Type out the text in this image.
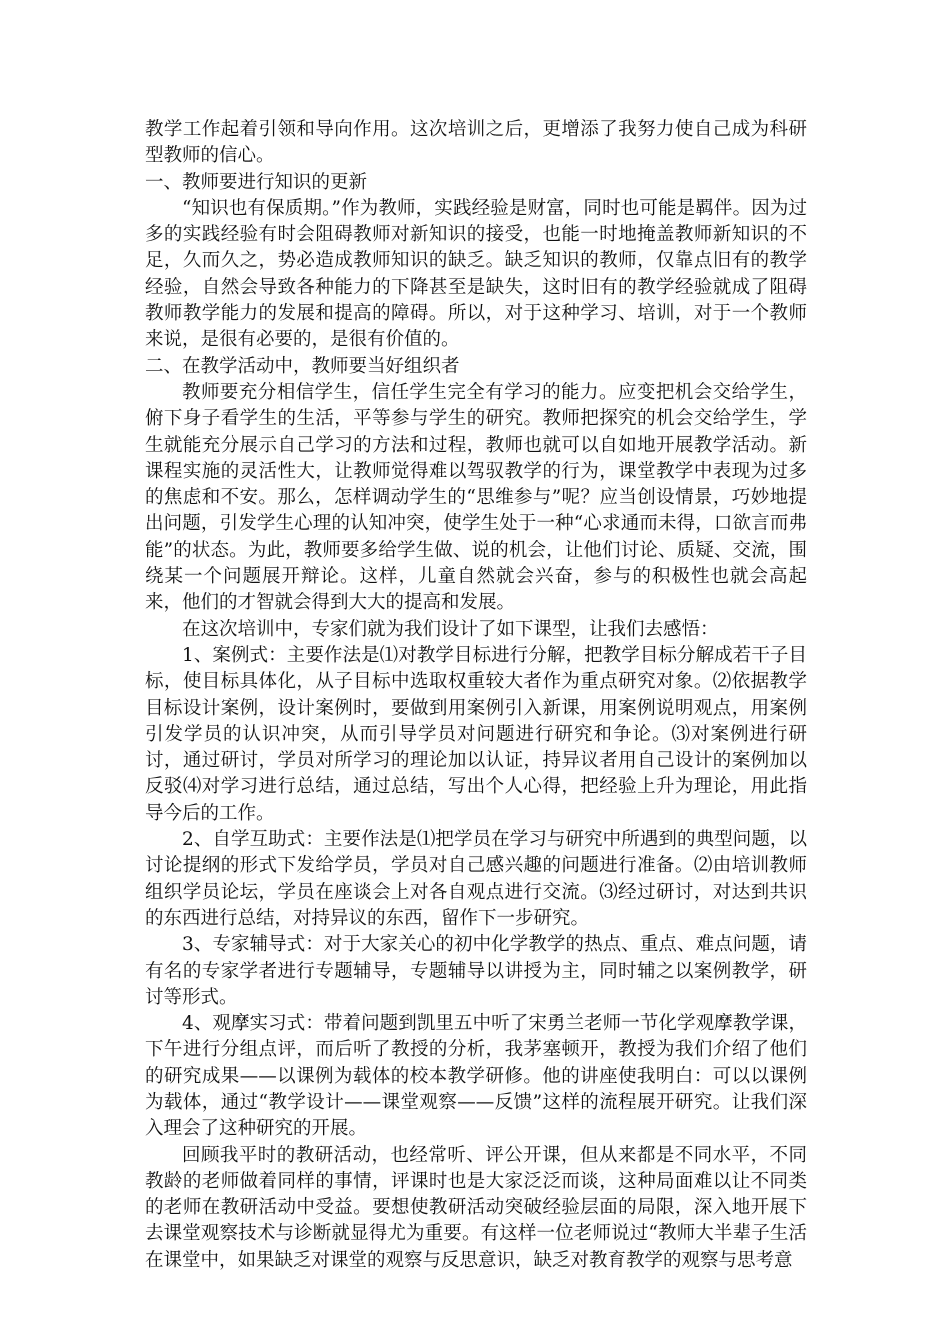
教学工作起着引领和导向作用。这次培训之后，更增添了我努力使自己成为科研型教师的信心。

一、教师要进行知识的更新

“知识也有保质期。”作为教师，实践经验是财富，同时也可能是羁伴。因为过多的实践经验有时会阻碍教师对新知识的接受，也能一时地掩盖教师新知识的不足，久而久之，势必造成教师知识的缺乏。缺乏知识的教师，仅靠点旧有的教学经验，自然会导致各种能力的下降甚至是缺失，这时旧有的教学经验就成了阻碍教师教学能力的发展和提高的障碍。所以，对于这种学习、培训，对于一个教师来说，是很有必要的，是很有价值的。

二、在教学活动中，教师要当好组织者

教师要充分相信学生，信任学生完全有学习的能力。应变把机会交给学生，俯下身子看学生的生活，平等参与学生的研究。教师把探究的机会交给学生，学生就能充分展示自己学习的方法和过程，教师也就可以自如地开展教学活动。新课程实施的灵活性大，让教师觉得难以驾驭教学的行为，课堂教学中表现为过多的焦虑和不安。那么，怎样调动学生的“思维参与”呢？应当创设情景，巧妙地提出问题，引发学生心理的认知冲突，使学生处于一种“心求通而未得，口欲言而弗能”的状态。为此，教师要多给学生做、说的机会，让他们讨论、质疑、交流，围绕某一个问题展开辩论。这样，儿童自然就会兴奋，参与的积极性也就会高起来，他们的才智就会得到大大的提高和发展。

在这次培训中，专家们就为我们设计了如下课型，让我们去感悟：

1、案例式：主要作法是⑴对教学目标进行分解，把教学目标分解成若干子目标，使目标具体化，从子目标中选取权重较大者作为重点研究对象。⑵依据教学目标设计案例，设计案例时，要做到用案例引入新课，用案例说明观点，用案例引发学员的认识冲突，从而引导学员对问题进行研究和争论。⑶对案例进行研讨，通过研讨，学员对所学习的理论加以认证，持异议者用自己设计的案例加以反驳⑷对学习进行总结，通过总结，写出个人心得，把经验上升为理论，用此指导今后的工作。

2、自学互助式：主要作法是⑴把学员在学习与研究中所遇到的典型问题，以讨论提纲的形式下发给学员，学员对自己感兴趣的问题进行准备。⑵由培训教师组织学员论坛，学员在座谈会上对各自观点进行交流。⑶经过研讨，对达到共识的东西进行总结，对持异议的东西，留作下一步研究。

3、专家辅导式：对于大家关心的初中化学教学的热点、重点、难点问题，请有名的专家学者进行专题辅导，专题辅导以讲授为主，同时辅之以案例教学，研讨等形式。

4、观摩实习式：带着问题到凯里五中听了宋勇兰老师一节化学观摩教学课，下午进行分组点评，而后听了教授的分析，我茅塞顿开，教授为我们介绍了他们的研究成果——以课例为载体的校本教学研修。他的讲座使我明白：可以以课例为载体，通过“教学设计——课堂观察——反馈”这样的流程展开研究。让我们深入理会了这种研究的开展。

回顾我平时的教研活动，也经常听、评公开课，但从来都是不同水平，不同教龄的老师做着同样的事情，评课时也是大家泛泛而谈，这种局面难以让不同类的老师在教研活动中受益。要想使教研活动突破经验层面的局限，深入地开展下去课堂观察技术与诊断就显得尤为重要。有这样一位老师说过“教师大半辈子生活在课堂中，如果缺乏对课堂的观察与反思意识，缺乏对教育教学的观察与思考意
